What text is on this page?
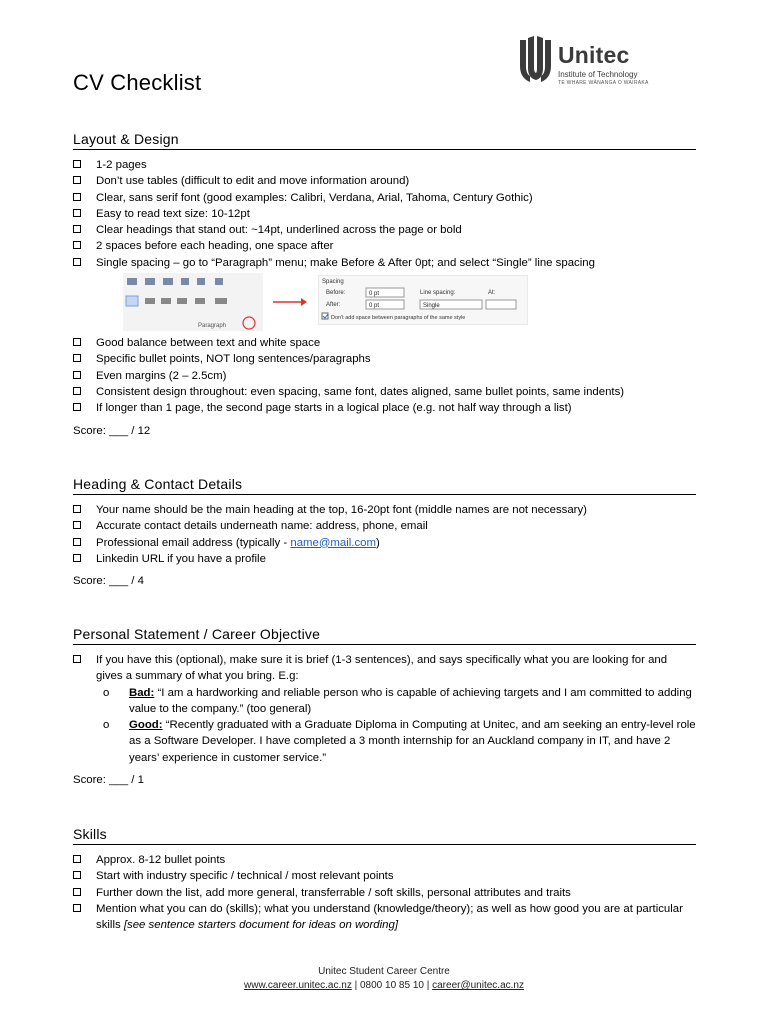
CV Checklist
Unitec
Institute of Technology
TE WHARE WĀNANGA O WAIRAKA
Layout & Design
1-2 pages
Don’t use tables (difficult to edit and move information around)
Clear, sans serif font (good examples: Calibri, Verdana, Arial, Tahoma, Century Gothic)
Easy to read text size: 10-12pt
Clear headings that stand out: ~14pt, underlined across the page or bold
2 spaces before each heading, one space after
Single spacing – go to “Paragraph” menu; make Before & After 0pt; and select “Single” line spacing
Paragraph
Spacing
Before:
After:
Line spacing:	At:
0 pt
0 pt	Single
Don't add space between paragraphs of the same style
Good balance between text and white space
Specific bullet points, NOT long sentences/paragraphs
Even margins (2 – 2.5cm)
Consistent design throughout: even spacing, same font, dates aligned, same bullet points, same indents)
If longer than 1 page, the second page starts in a logical place (e.g. not half way through a list)
Score: ___ / 12
Heading & Contact Details
Your name should be the main heading at the top, 16-20pt font (middle names are not necessary)
Accurate contact details underneath name: address, phone, email
Professional email address (typically - name@mail.com)
Linkedin URL if you have a profile
Score: ___ / 4
Personal Statement / Career Objective
If you have this (optional), make sure it is brief (1-3 sentences), and says specifically what you are looking for and gives a summary of what you bring. E.g:
o Bad: “I am a hardworking and reliable person who is capable of achieving targets and I am committed to adding value to the company.” (too general)
o Good: “Recently graduated with a Graduate Diploma in Computing at Unitec, and am seeking an entry-level role as a Software Developer. I have completed a 3 month internship for an Auckland company in IT, and have 2 years’ experience in customer service.”
Score: ___ / 1
Skills
Approx. 8-12 bullet points
Start with industry specific / technical / most relevant points
Further down the list, add more general, transferrable / soft skills, personal attributes and traits
Mention what you can do (skills); what you understand (knowledge/theory); as well as how good you are at particular skills [see sentence starters document for ideas on wording]
Unitec Student Career Centre
www.career.unitec.ac.nz | 0800 10 85 10 | career@unitec.ac.nz
